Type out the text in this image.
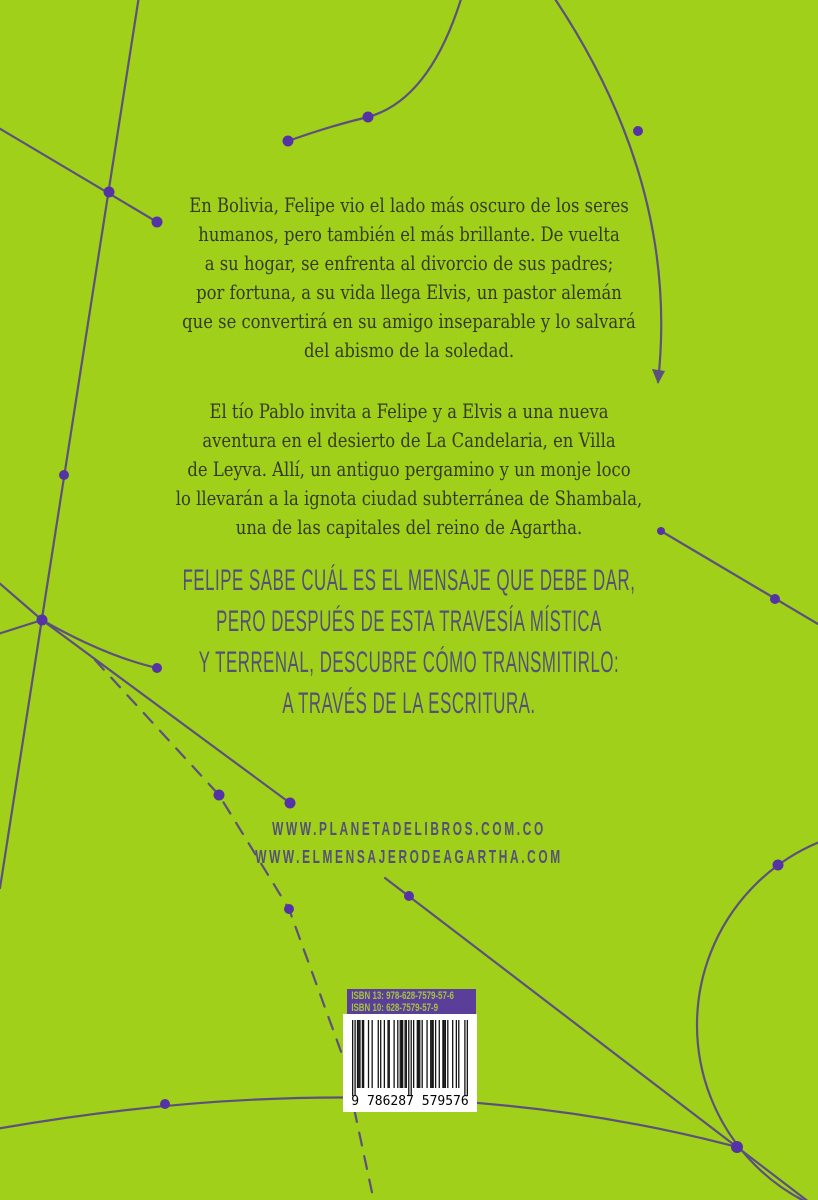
En Bolivia, Felipe vio el lado más oscuro de los seres
humanos, pero también el más brillante. De vuelta
a su hogar, se enfrenta al divorcio de sus padres;
por fortuna, a su vida llega Elvis, un pastor alemán
que se convertirá en su amigo inseparable y lo salvará
del abismo de la soledad.
El tío Pablo invita a Felipe y a Elvis a una nueva
aventura en el desierto de La Candelaria, en Villa
de Leyva. Allí, un antiguo pergamino y un monje loco
lo llevarán a la ignota ciudad subterránea de Shambala,
una de las capitales del reino de Agartha.
FELIPE SABE CUÁL ES EL MENSAJE QUE DEBE DAR,
PERO DESPUÉS DE ESTA TRAVESÍA MÍSTICA
Y TERRENAL, DESCUBRE CÓMO TRANSMITIRLO:
A TRAVÉS DE LA ESCRITURA.
WWW.PLANETADELIBROS.COM.CO
WWW.ELMENSAJERODEAGARTHA.COM
ISBN 13: 978-628-7579-57-6
ISBN 10: 628-7579-57-9
9 786287 579576
